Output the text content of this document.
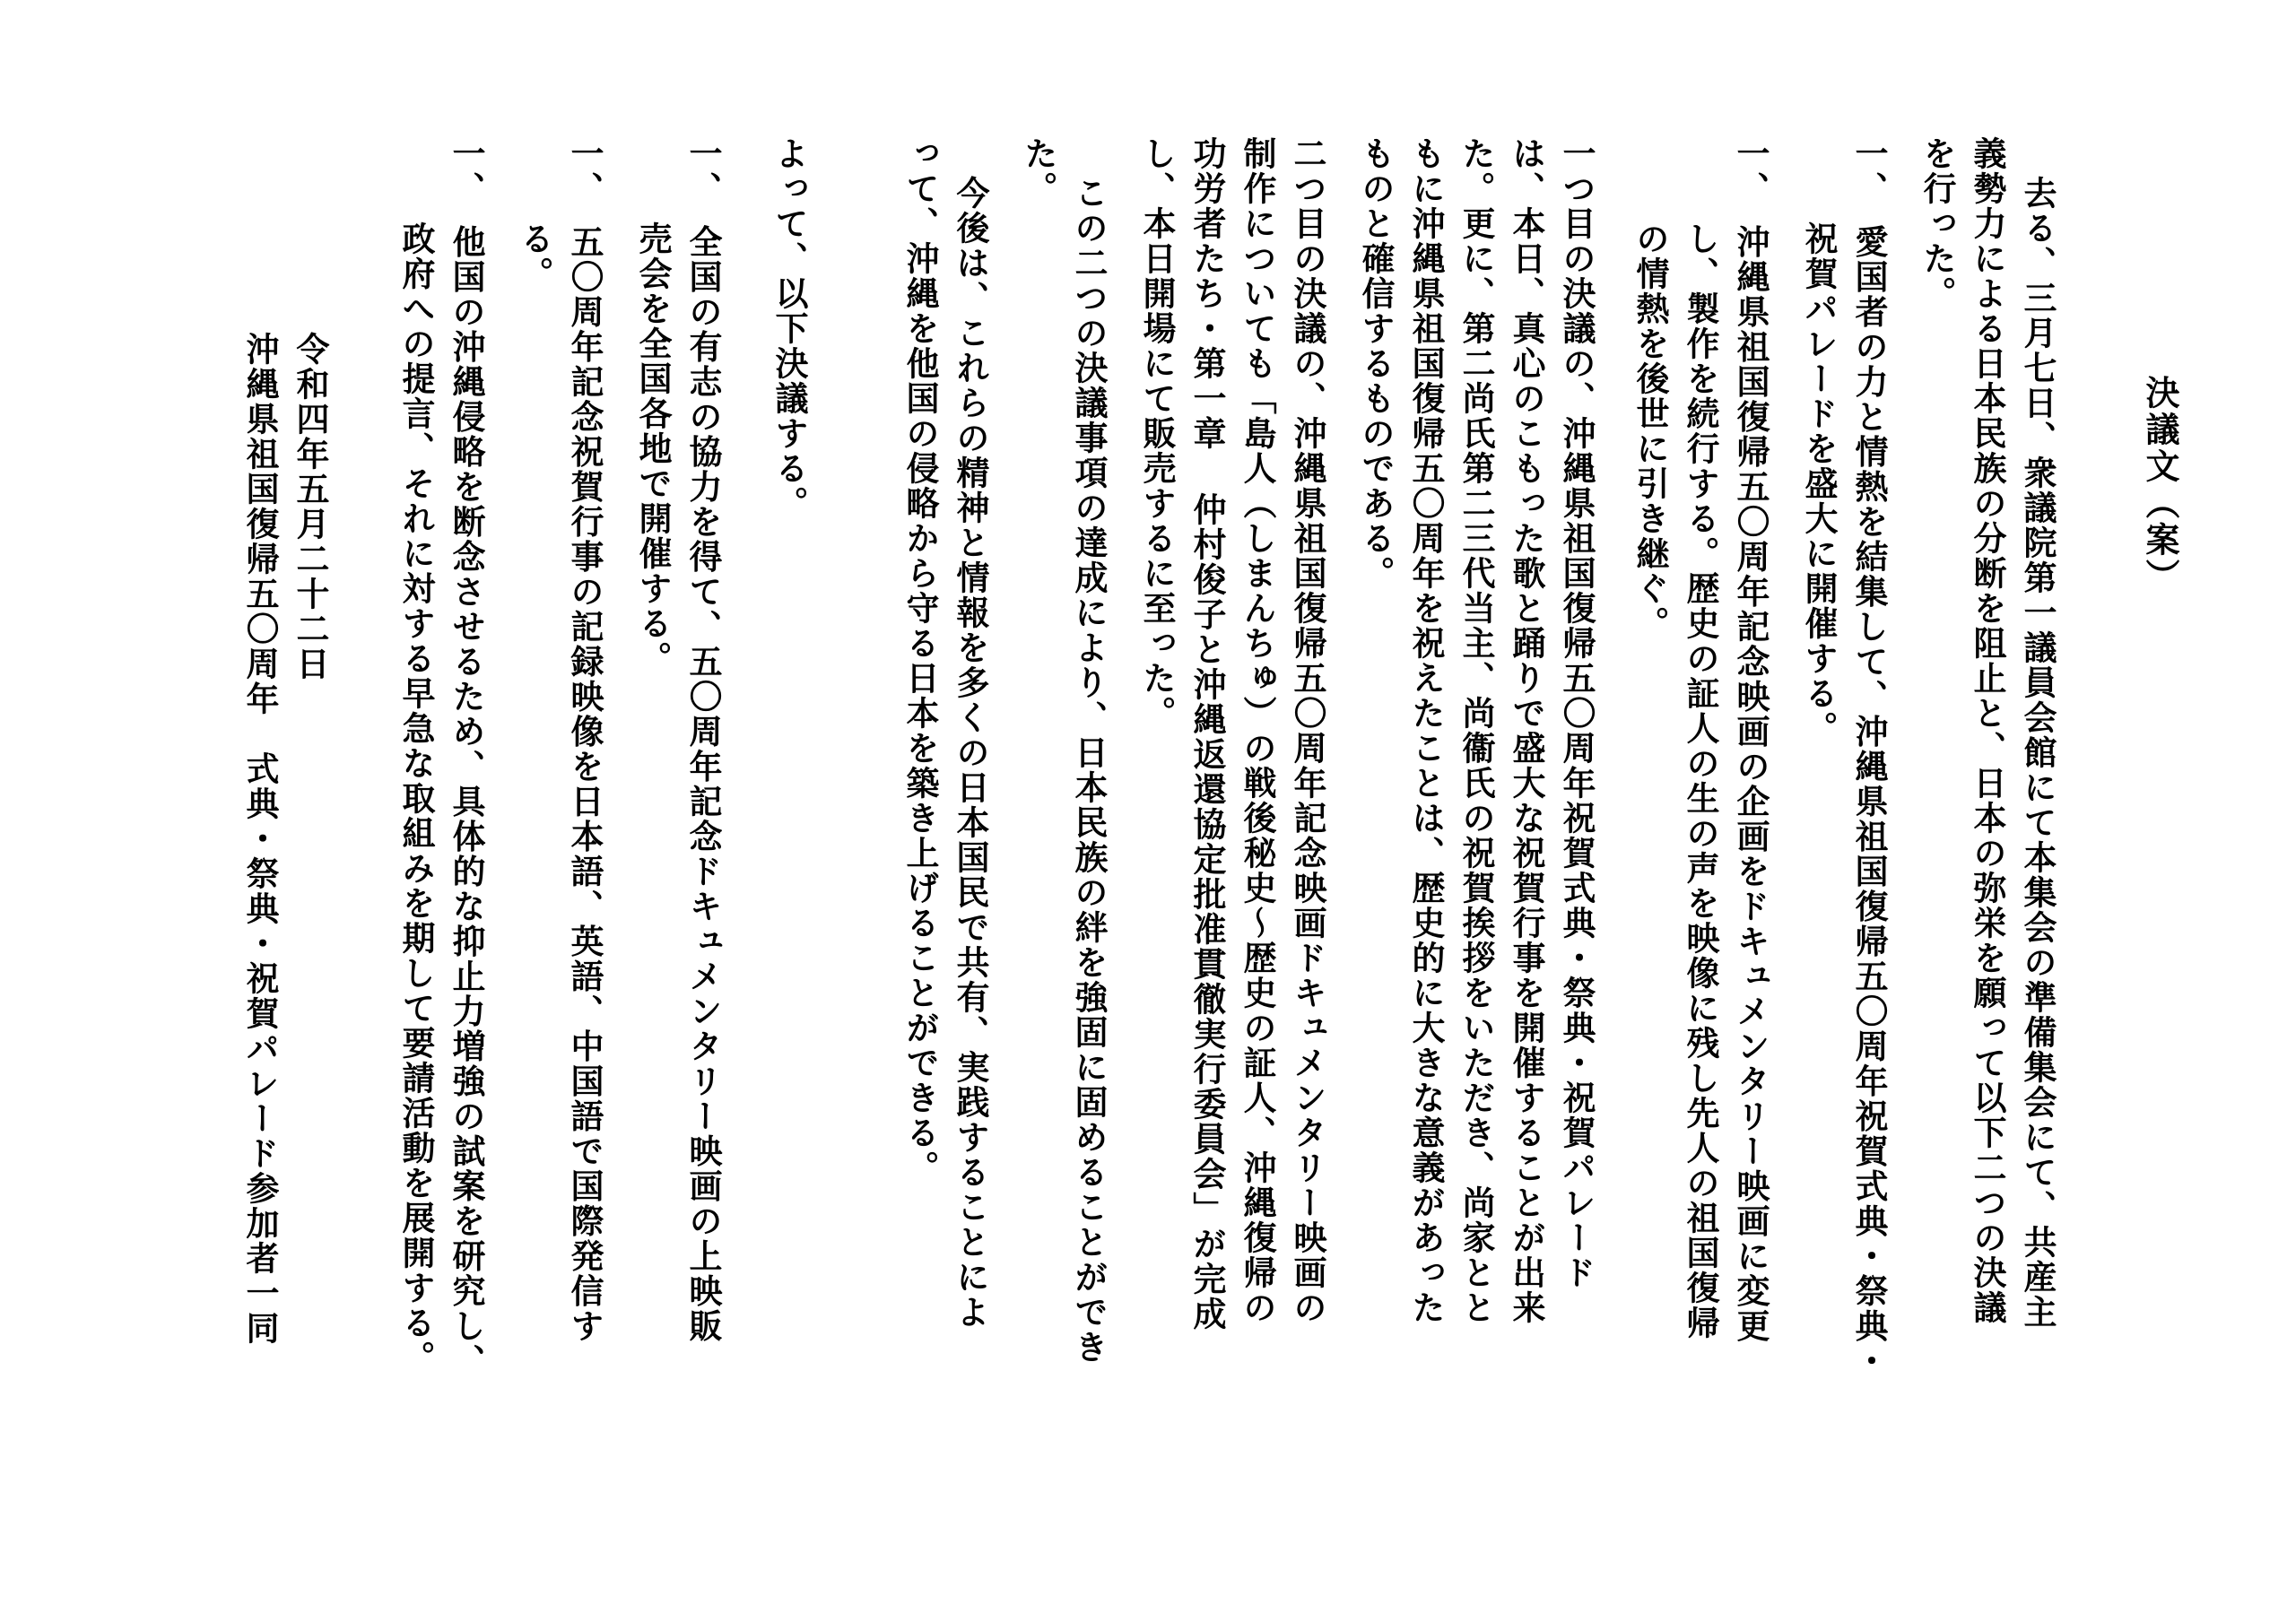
決議文（案）
去る、三月七日、衆議院第一議員会館にて本集会の準備集会にて、共産主
義勢力による日本民族の分断を阻止と、日本の弥栄を願って以下二つの決議
を行った。
一、　愛国者の力と情熱を結集して、沖縄県祖国復帰五〇周年祝賀式典・祭典・
祝賀パレードを盛大に開催する。
一、　沖縄県祖国復帰五〇周年記念映画の企画をドキュメンタリー映画に変更
し、製作を続行する。歴史の証人の生の声を映像に残し先人の祖国復帰
の情熱を後世に引き継ぐ。
一つ目の決議の、沖縄県祖国復帰五〇周年祝賀式典・祭典・祝賀パレード
は、本日、真心のこもった歌と踊りで盛大な祝賀行事を開催することが出来
た。更に、第二尚氏第二三代当主、尚衞氏の祝賀挨拶をいただき、尚家とと
もに沖縄県祖国復帰五〇周年を祝えたことは、歴史的に大きな意義があった
ものと確信するものである。
二つ目の決議の、沖縄県祖国復帰五〇周年記念映画ドキュメンタリー映画の
制作についても「島人（しまんちゅ）の戦後秘史～歴史の証人、沖縄復帰の
功労者たち・第一章 仲村俊子と沖縄返還協定批准貫徹実行委員会」が完成
し、本日開場にて販売するに至った。
この二つの決議事項の達成により、日本民族の絆を強固に固めることができ
た。
今後は、これらの精神と情報を多くの日本国民で共有、実践することによ
って、沖縄を他国の侵略から守る日本を築き上げることができる。
よって、以下決議する。
一、　全国の有志の協力を得て、五〇周年記念ドキュメンタリー映画の上映販
売会を全国各地で開催する。
一、　五〇周年記念祝賀行事の記録映像を日本語、英語、中国語で国際発信す
る。
一、　他国の沖縄侵略を断念させるため、具体的な抑止力増強の試案を研究し、
政府への提言、それに対する早急な取組みを期して要請活動を展開する。
令和四年五月二十二日
沖縄県祖国復帰五〇周年　式典・祭典・祝賀パレード参加者一同
